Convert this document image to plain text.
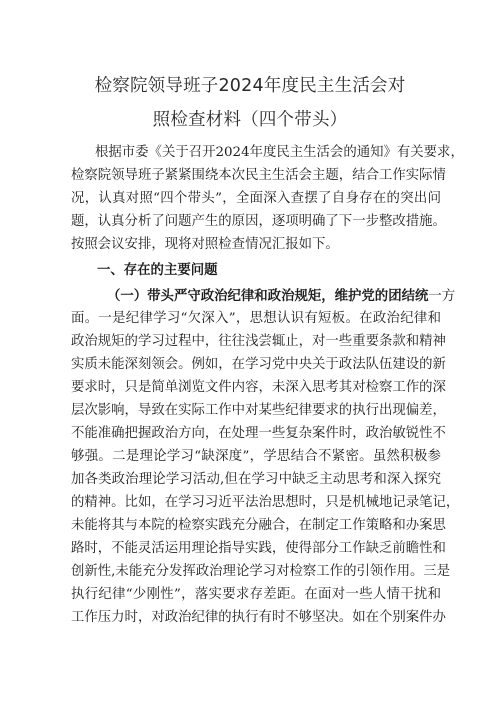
检察院领导班子2024年度民主生活会对
照检查材料（四个带头）
根据市委《关于召开2024年度民主生活会的通知》有关要求，
检察院领导班子紧紧围绕本次民主生活会主题，结合工作实际情
况，认真对照“四个带头”，全面深入查摆了自身存在的突出问
题，认真分析了问题产生的原因，逐项明确了下一步整改措施。
按照会议安排，现将对照检查情况汇报如下。
一、存在的主要问题
（一）带头严守政治纪律和政治规矩，维护党的团结统一方
面。一是纪律学习“欠深入”，思想认识有短板。在政治纪律和
政治规矩的学习过程中，往往浅尝辄止，对一些重要条款和精神
实质未能深刻领会。例如，在学习党中央关于政法队伍建设的新
要求时，只是简单浏览文件内容，未深入思考其对检察工作的深
层次影响，导致在实际工作中对某些纪律要求的执行出现偏差，
不能准确把握政治方向，在处理一些复杂案件时，政治敏锐性不
够强。二是理论学习“缺深度”，学思结合不紧密。虽然积极参
加各类政治理论学习活动,但在学习中缺乏主动思考和深入探究
的精神。比如，在学习习近平法治思想时，只是机械地记录笔记，
未能将其与本院的检察实践充分融合，在制定工作策略和办案思
路时，不能灵活运用理论指导实践，使得部分工作缺乏前瞻性和
创新性,未能充分发挥政治理论学习对检察工作的引领作用。三是
执行纪律“少刚性”，落实要求存差距。在面对一些人情干扰和
工作压力时，对政治纪律的执行有时不够坚决。如在个别案件办
